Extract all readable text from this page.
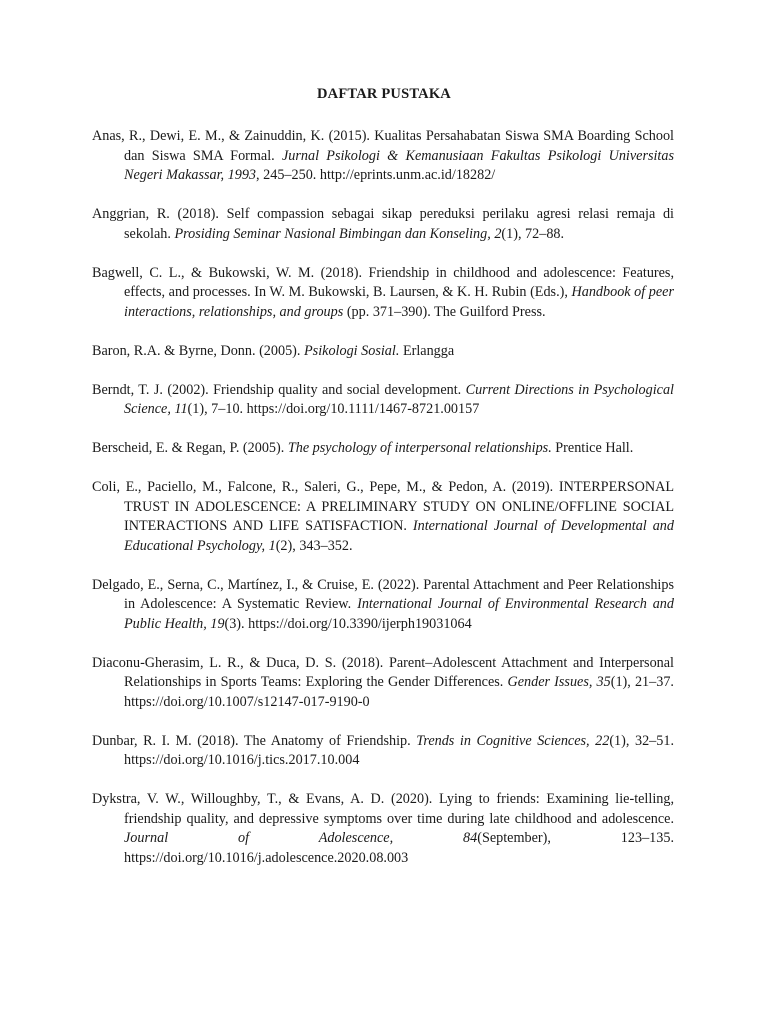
DAFTAR PUSTAKA

Anas, R., Dewi, E. M., & Zainuddin, K. (2015). Kualitas Persahabatan Siswa SMA Boarding School dan Siswa SMA Formal. Jurnal Psikologi & Kemanusiaan Fakultas Psikologi Universitas Negeri Makassar, 1993, 245–250. http://eprints.unm.ac.id/18282/

Anggrian, R. (2018). Self compassion sebagai sikap pereduksi perilaku agresi relasi remaja di sekolah. Prosiding Seminar Nasional Bimbingan dan Konseling, 2(1), 72–88.

Bagwell, C. L., & Bukowski, W. M. (2018). Friendship in childhood and adolescence: Features, effects, and processes. In W. M. Bukowski, B. Laursen, & K. H. Rubin (Eds.), Handbook of peer interactions, relationships, and groups (pp. 371–390). The Guilford Press.

Baron, R.A. & Byrne, Donn. (2005). Psikologi Sosial. Erlangga

Berndt, T. J. (2002). Friendship quality and social development. Current Directions in Psychological Science, 11(1), 7–10. https://doi.org/10.1111/1467-8721.00157

Berscheid, E. & Regan, P. (2005). The psychology of interpersonal relationships. Prentice Hall.

Coli, E., Paciello, M., Falcone, R., Saleri, G., Pepe, M., & Pedon, A. (2019). INTERPERSONAL TRUST IN ADOLESCENCE: A PRELIMINARY STUDY ON ONLINE/OFFLINE SOCIAL INTERACTIONS AND LIFE SATISFACTION. International Journal of Developmental and Educational Psychology, 1(2), 343–352.

Delgado, E., Serna, C., Martínez, I., & Cruise, E. (2022). Parental Attachment and Peer Relationships in Adolescence: A Systematic Review. International Journal of Environmental Research and Public Health, 19(3). https://doi.org/10.3390/ijerph19031064

Diaconu-Gherasim, L. R., & Duca, D. S. (2018). Parent–Adolescent Attachment and Interpersonal Relationships in Sports Teams: Exploring the Gender Differences. Gender Issues, 35(1), 21–37. https://doi.org/10.1007/s12147-017-9190-0

Dunbar, R. I. M. (2018). The Anatomy of Friendship. Trends in Cognitive Sciences, 22(1), 32–51. https://doi.org/10.1016/j.tics.2017.10.004

Dykstra, V. W., Willoughby, T., & Evans, A. D. (2020). Lying to friends: Examining lie-telling, friendship quality, and depressive symptoms over time during late childhood and adolescence. Journal of Adolescence, 84(September), 123–135. https://doi.org/10.1016/j.adolescence.2020.08.003
